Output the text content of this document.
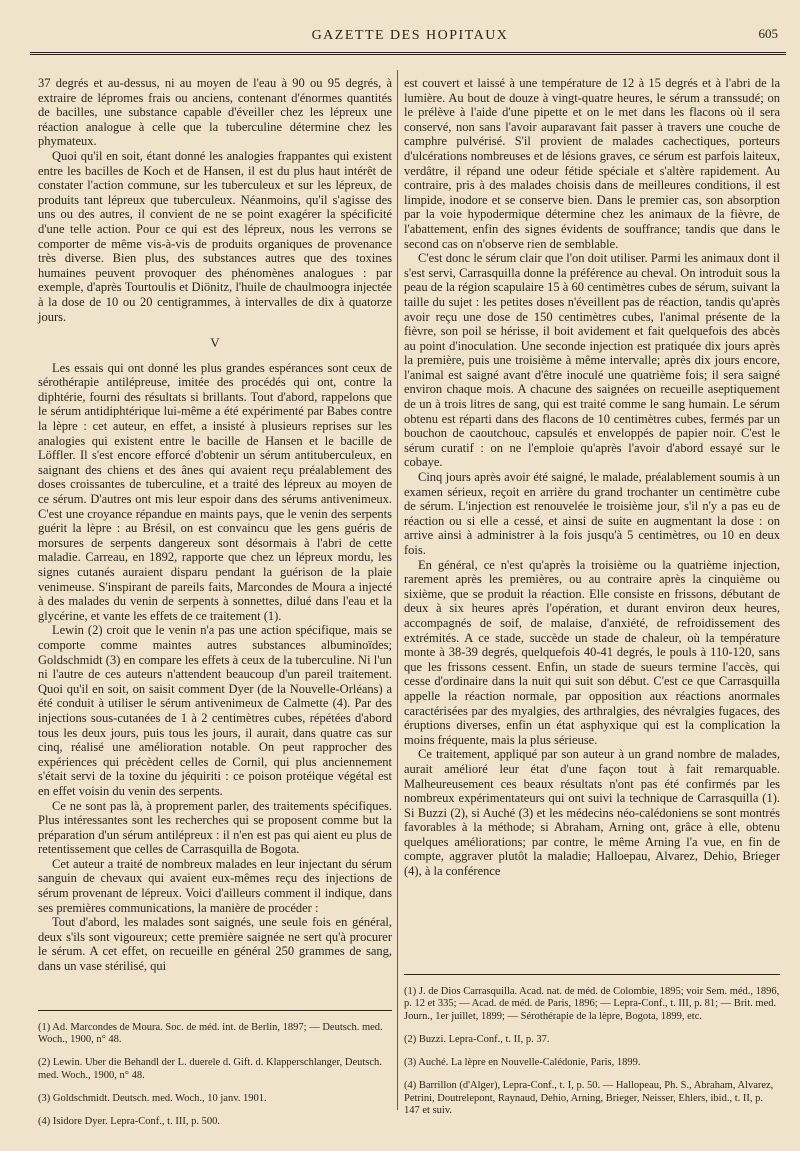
GAZETTE DES HOPITAUX	605

37 degrés et au-dessus, ni au moyen de l'eau à 90 ou 95 degrés, à extraire de lépromes frais ou anciens, contenant d'énormes quantités de bacilles, une substance capable d'éveiller chez les lépreux une réaction analogue à celle que la tuberculine détermine chez les phymateux.

Quoi qu'il en soit, étant donné les analogies frappantes qui existent entre les bacilles de Koch et de Hansen, il est du plus haut intérêt de constater l'action commune, sur les tuberculeux et sur les lépreux, de produits tant lépreux que tuberculeux. Néanmoins, qu'il s'agisse des uns ou des autres, il convient de ne se point exagérer la spécificité d'une telle action. Pour ce qui est des lépreux, nous les verrons se comporter de même vis-à-vis de produits organiques de provenance très diverse. Bien plus, des substances autres que des toxines humaines peuvent provoquer des phénomènes analogues : par exemple, d'après Tourtoulis et Diönitz, l'huile de chaulmoogra injectée à la dose de 10 ou 20 centigrammes, à intervalles de dix à quatorze jours.

V

Les essais qui ont donné les plus grandes espérances sont ceux de sérothérapie antilépreuse, imitée des procédés qui ont, contre la diphtérie, fourni des résultats si brillants. Tout d'abord, rappelons que le sérum antidiphtérique lui-même a été expérimenté par Babes contre la lèpre : cet auteur, en effet, a insisté à plusieurs reprises sur les analogies qui existent entre le bacille de Hansen et le bacille de Löffler. Il s'est encore efforcé d'obtenir un sérum antituberculeux, en saignant des chiens et des ânes qui avaient reçu préalablement des doses croissantes de tuberculine, et a traité des lépreux au moyen de ce sérum. D'autres ont mis leur espoir dans des sérums antivenimeux. C'est une croyance répandue en maints pays, que le venin des serpents guérit la lèpre : au Brésil, on est convaincu que les gens guéris de morsures de serpents dangereux sont désormais à l'abri de cette maladie. Carreau, en 1892, rapporte que chez un lépreux mordu, les signes cutanés auraient disparu pendant la guérison de la plaie venimeuse. S'inspirant de pareils faits, Marcondes de Moura a injecté à des malades du venin de serpents à sonnettes, dilué dans l'eau et la glycérine, et vante les effets de ce traitement (1).

Lewin (2) croit que le venin n'a pas une action spécifique, mais se comporte comme maintes autres substances albuminoïdes; Goldschmidt (3) en compare les effets à ceux de la tuberculine. Ni l'un ni l'autre de ces auteurs n'attendent beaucoup d'un pareil traitement. Quoi qu'il en soit, on saisit comment Dyer (de la Nouvelle-Orléans) a été conduit à utiliser le sérum antivenimeux de Calmette (4). Par des injections sous-cutanées de 1 à 2 centimètres cubes, répétées d'abord tous les deux jours, puis tous les jours, il aurait, dans quatre cas sur cinq, réalisé une amélioration notable. On peut rapprocher des expériences qui précèdent celles de Cornil, qui plus anciennement s'était servi de la toxine du jéquiriti : ce poison protéique végétal est en effet voisin du venin des serpents.

Ce ne sont pas là, à proprement parler, des traitements spécifiques. Plus intéressantes sont les recherches qui se proposent comme but la préparation d'un sérum antilépreux : il n'en est pas qui aient eu plus de retentissement que celles de Carrasquilla de Bogota.

Cet auteur a traité de nombreux malades en leur injectant du sérum sanguin de chevaux qui avaient eux-mêmes reçu des injections de sérum provenant de lépreux. Voici d'ailleurs comment il indique, dans ses premières communications, la manière de procéder :

Tout d'abord, les malades sont saignés, une seule fois en général, deux s'ils sont vigoureux; cette première saignée ne sert qu'à procurer le sérum. A cet effet, on recueille en général 250 grammes de sang, dans un vase stérilisé, qui

(1) Ad. Marcondes de Moura. Soc. de méd. int. de Berlin, 1897; — Deutsch. med. Woch., 1900, n° 48.

(2) Lewin. Uber die Behandl der L. duerele d. Gift. d. Klapperschlanger, Deutsch. med. Woch., 1900, n° 48.

(3) Goldschmidt. Deutsch. med. Woch., 10 janv. 1901.

(4) Isidore Dyer. Lepra-Conf., t. III, p. 500.

est couvert et laissé à une température de 12 à 15 degrés et à l'abri de la lumière. Au bout de douze à vingt-quatre heures, le sérum a transsudé; on le prélève à l'aide d'une pipette et on le met dans les flacons où il sera conservé, non sans l'avoir auparavant fait passer à travers une couche de camphre pulvérisé. S'il provient de malades cachectiques, porteurs d'ulcérations nombreuses et de lésions graves, ce sérum est parfois laiteux, verdâtre, il répand une odeur fétide spéciale et s'altère rapidement. Au contraire, pris à des malades choisis dans de meilleures conditions, il est limpide, inodore et se conserve bien. Dans le premier cas, son absorption par la voie hypodermique détermine chez les animaux de la fièvre, de l'abattement, enfin des signes évidents de souffrance; tandis que dans le second cas on n'observe rien de semblable.

C'est donc le sérum clair que l'on doit utiliser. Parmi les animaux dont il s'est servi, Carrasquilla donne la préférence au cheval. On introduit sous la peau de la région scapulaire 15 à 60 centimètres cubes de sérum, suivant la taille du sujet : les petites doses n'éveillent pas de réaction, tandis qu'après avoir reçu une dose de 150 centimètres cubes, l'animal présente de la fièvre, son poil se hérisse, il boit avidement et fait quelquefois des abcès au point d'inoculation. Une seconde injection est pratiquée dix jours après la première, puis une troisième à même intervalle; après dix jours encore, l'animal est saigné avant d'être inoculé une quatrième fois; il sera saigné environ chaque mois. A chacune des saignées on recueille aseptiquement de un à trois litres de sang, qui est traité comme le sang humain. Le sérum obtenu est réparti dans des flacons de 10 centimètres cubes, fermés par un bouchon de caoutchouc, capsulés et enveloppés de papier noir. C'est le sérum curatif : on ne l'emploie qu'après l'avoir d'abord essayé sur le cobaye.

Cinq jours après avoir été saigné, le malade, préalablement soumis à un examen sérieux, reçoit en arrière du grand trochanter un centimètre cube de sérum. L'injection est renouvelée le troisième jour, s'il n'y a pas eu de réaction ou si elle a cessé, et ainsi de suite en augmentant la dose : on arrive ainsi à administrer à la fois jusqu'à 5 centimètres, ou 10 en deux fois.

En général, ce n'est qu'après la troisième ou la quatrième injection, rarement après les premières, ou au contraire après la cinquième ou sixième, que se produit la réaction. Elle consiste en frissons, débutant de deux à six heures après l'opération, et durant environ deux heures, accompagnés de soif, de malaise, d'anxiété, de refroidissement des extrémités. A ce stade, succède un stade de chaleur, où la température monte à 38-39 degrés, quelquefois 40-41 degrés, le pouls à 110-120, sans que les frissons cessent. Enfin, un stade de sueurs termine l'accès, qui cesse d'ordinaire dans la nuit qui suit son début. C'est ce que Carrasquilla appelle la réaction normale, par opposition aux réactions anormales caractérisées par des myalgies, des arthralgies, des névralgies fugaces, des éruptions diverses, enfin un état asphyxique qui est la complication la moins fréquente, mais la plus sérieuse.

Ce traitement, appliqué par son auteur à un grand nombre de malades, aurait amélioré leur état d'une façon tout à fait remarquable. Malheureusement ces beaux résultats n'ont pas été confirmés par les nombreux expérimentateurs qui ont suivi la technique de Carrasquilla (1). Si Buzzi (2), si Auché (3) et les médecins néo-calédoniens se sont montrés favorables à la méthode; si Abraham, Arning ont, grâce à elle, obtenu quelques améliorations; par contre, le même Arning l'a vue, en fin de compte, aggraver plutôt la maladie; Halloepau, Alvarez, Dehio, Brieger (4), à la conférence

(1) J. de Dios Carrasquilla. Acad. nat. de méd. de Colombie, 1895; voir Sem. méd., 1896, p. 12 et 335; — Acad. de méd. de Paris, 1896; — Lepra-Conf., t. III, p. 81; — Brit. med. Journ., 1er juillet, 1899; — Sérothérapie de la lèpre, Bogota, 1899, etc.

(2) Buzzi. Lepra-Conf., t. II, p. 37.

(3) Auché. La lèpre en Nouvelle-Calédonie, Paris, 1899.

(4) Barrillon (d'Alger), Lepra-Conf., t. I, p. 50. — Hallopeau, Ph. S., Abraham, Alvarez, Petrini, Doutrelepont, Raynaud, Dehio, Arning, Brieger, Neisser, Ehlers, ibid., t. II, p. 147 et suiv.
